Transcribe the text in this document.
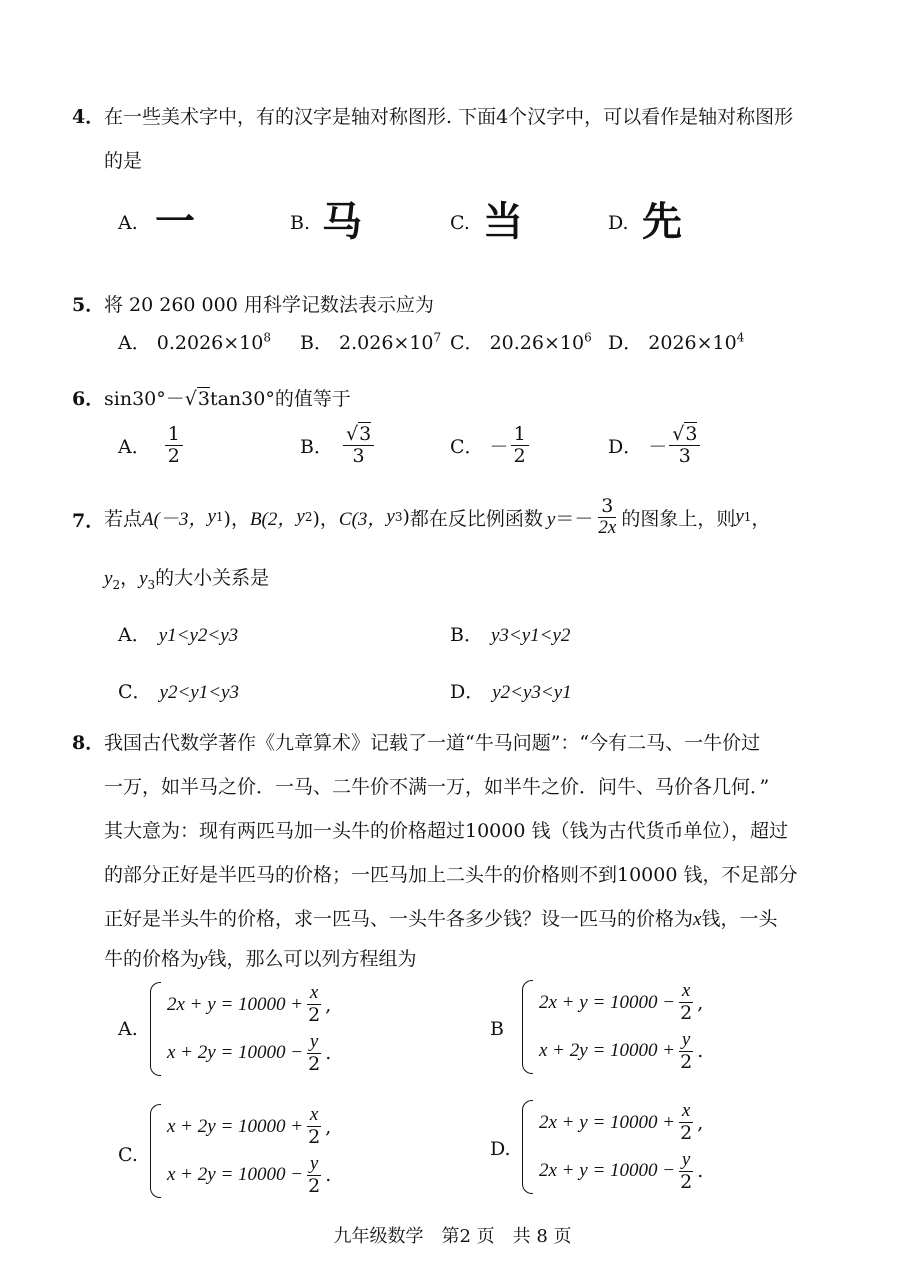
4． 在一些美术字中，有的汉字是轴对称图形. 下面4个汉字中，可以看作是轴对称图形
的是
A. 一	B. 马	C. 当	D. 先
5． 将 20 260 000 用科学记数法表示应为
A． $0.2026\times 10^8$ B． $2.026\times 10^7$ C． $20.26\times 10^6$ D． $2026\times 10^4$
6． sin30°－√3tan30°的值等于
A． $\frac{1}{2}$	B． $\frac{√3}{3}$	C． － $\frac{1}{2}$	D． － $\frac{√3}{3}$
7． 若点 A(－3， y 1 )， B(2， y 2 )， C(3， y 3 ) 都在反比例函数 $y=- \frac{3}{2x}$ 的图象上，则 y 1 ，
$y_2$，$y_3$的大小关系是
A． y1<y2<y3	B． y3<y1<y2
C． y2<y1<y3	D． y2<y3<y1
8． 我国古代数学著作《九章算术》记载了一道“牛马问题”：“今有二马、一牛价过
一万，如半马之价．一马、二牛价不满一万，如半牛之价．问牛、马价各几何．”
其大意为：现有两匹马加一头牛的价格超过10000 钱（钱为古代货币单位），超过
的部分正好是半匹马的价格；一匹马加上二头牛的价格则不到10000 钱，不足部分
正好是半头牛的价格，求一匹马、一头牛各多少钱？设一匹马的价格为x钱，一头
牛的价格为y钱，那么可以列方程组为
A.
$2x + y = 10000 + \frac{x}{2}$ ,
$x + 2y = 10000 - \frac{y}{2}$ .
B
$2x + y = 10000 - \frac{x}{2}$ ,
$x + 2y = 10000 + \frac{y}{2}$ .
C.
$x + 2y = 10000 + \frac{x}{2}$ ,
$x + 2y = 10000 - \frac{y}{2}$ .
D.
$2x + y = 10000 + \frac{x}{2}$ ,
$2x + y = 10000 - \frac{y}{2}$ .
九年级数学　第2 页　共 8 页
